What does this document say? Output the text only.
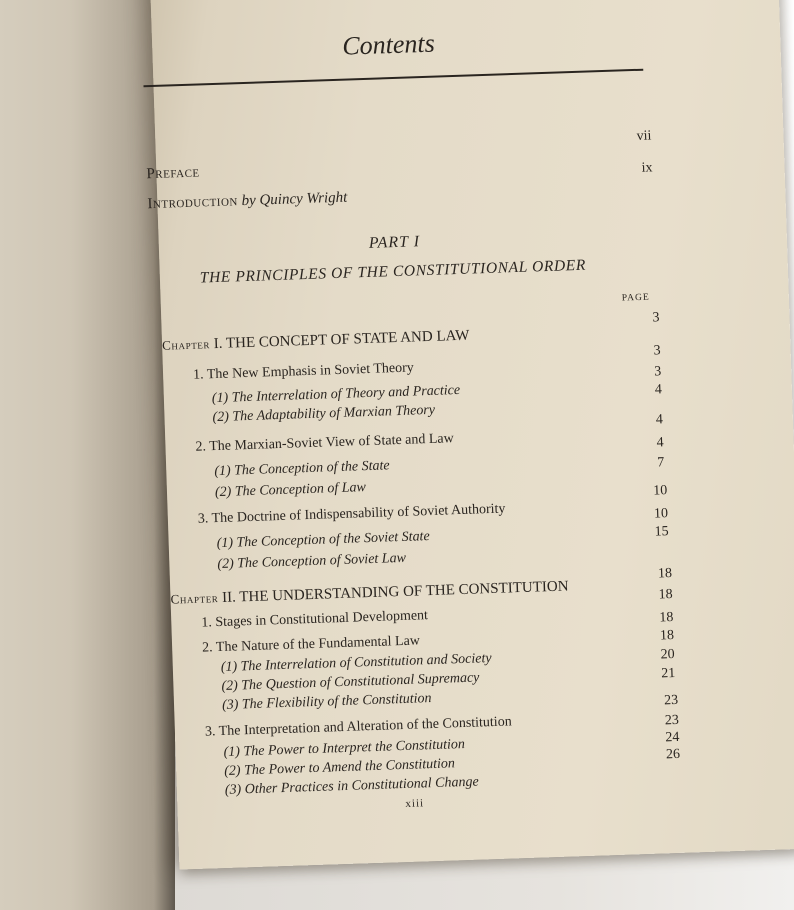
Contents
Preface
vii
Introduction by Quincy Wright
ix
PART I
THE PRINCIPLES OF THE CONSTITUTIONAL ORDER
PAGE
Chapter I. THE CONCEPT OF STATE AND LAW
3
1. The New Emphasis in Soviet Theory
3
(1) The Interrelation of Theory and Practice
3
(2) The Adaptability of Marxian Theory
4
2. The Marxian-Soviet View of State and Law
4
(1) The Conception of the State
4
(2) The Conception of Law
7
3. The Doctrine of Indispensability of Soviet Authority
10
(1) The Conception of the Soviet State
10
(2) The Conception of Soviet Law
15
Chapter II. THE UNDERSTANDING OF THE CONSTITUTION
18
1. Stages in Constitutional Development
18
2. The Nature of the Fundamental Law
18
(1) The Interrelation of Constitution and Society
18
(2) The Question of Constitutional Supremacy
20
(3) The Flexibility of the Constitution
21
3. The Interpretation and Alteration of the Constitution
23
(1) The Power to Interpret the Constitution
23
(2) The Power to Amend the Constitution
24
(3) Other Practices in Constitutional Change
26
xiii
